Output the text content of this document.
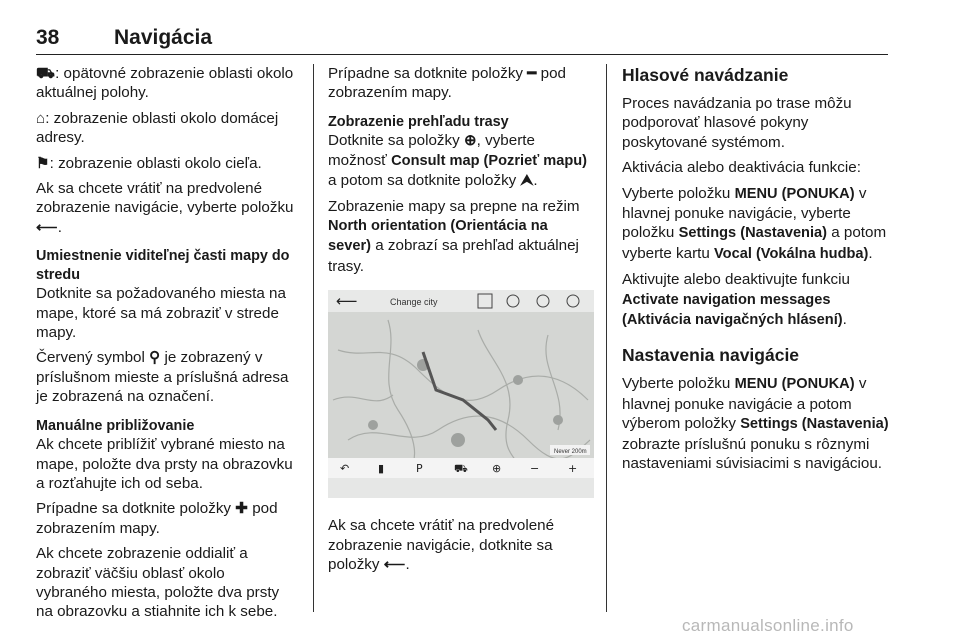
38	Navigácia

⛟: opätovné zobrazenie oblasti okolo aktuálnej polohy.

⌂: zobrazenie oblasti okolo domácej adresy.

⚑: zobrazenie oblasti okolo cieľa.

Ak sa chcete vrátiť na predvolené zobrazenie navigácie, vyberte položku ⟵.

Umiestnenie viditeľnej časti mapy do stredu

Dotknite sa požadovaného miesta na mape, ktoré sa má zobraziť v strede mapy.

Červený symbol ⚲ je zobrazený v príslušnom mieste a príslušná adresa je zobrazená na označení.

Manuálne približovanie

Ak chcete priblížiť vybrané miesto na mape, položte dva prsty na obrazovku a rozťahujte ich od seba.

Prípadne sa dotknite položky ✚ pod zobrazením mapy.

Ak chcete zobrazenie oddialiť a zobraziť väčšiu oblasť okolo vybraného miesta, položte dva prsty na obrazovku a stiahnite ich k sebe.

Prípadne sa dotknite položky ━ pod zobrazením mapy.

Zobrazenie prehľadu trasy

Dotknite sa položky ⊕, vyberte možnosť Consult map (Pozrieť mapu) a potom sa dotknite položky ⮝.

Zobrazenie mapy sa prepne na režim North orientation (Orientácia na sever) a zobrazí sa prehľad aktuálnej trasy.

⟵	Change city
Never 200m
↶	▮	P	⛟ ⊕	−	+

Ak sa chcete vrátiť na predvolené zobrazenie navigácie, dotknite sa položky ⟵.

Hlasové navádzanie

Proces navádzania po trase môžu podporovať hlasové pokyny poskytované systémom.

Aktivácia alebo deaktivácia funkcie:

Vyberte položku MENU (PONUKA) v hlavnej ponuke navigácie, vyberte položku Settings (Nastavenia) a potom vyberte kartu Vocal (Vokálna hudba).

Aktivujte alebo deaktivujte funkciu Activate navigation messages (Aktivácia navigačných hlásení).

Nastavenia navigácie

Vyberte položku MENU (PONUKA) v hlavnej ponuke navigácie a potom výberom položky Settings (Nastavenia) zobrazte príslušnú ponuku s rôznymi nastaveniami súvisiacimi s navigáciou.

carmanualsonline.info
